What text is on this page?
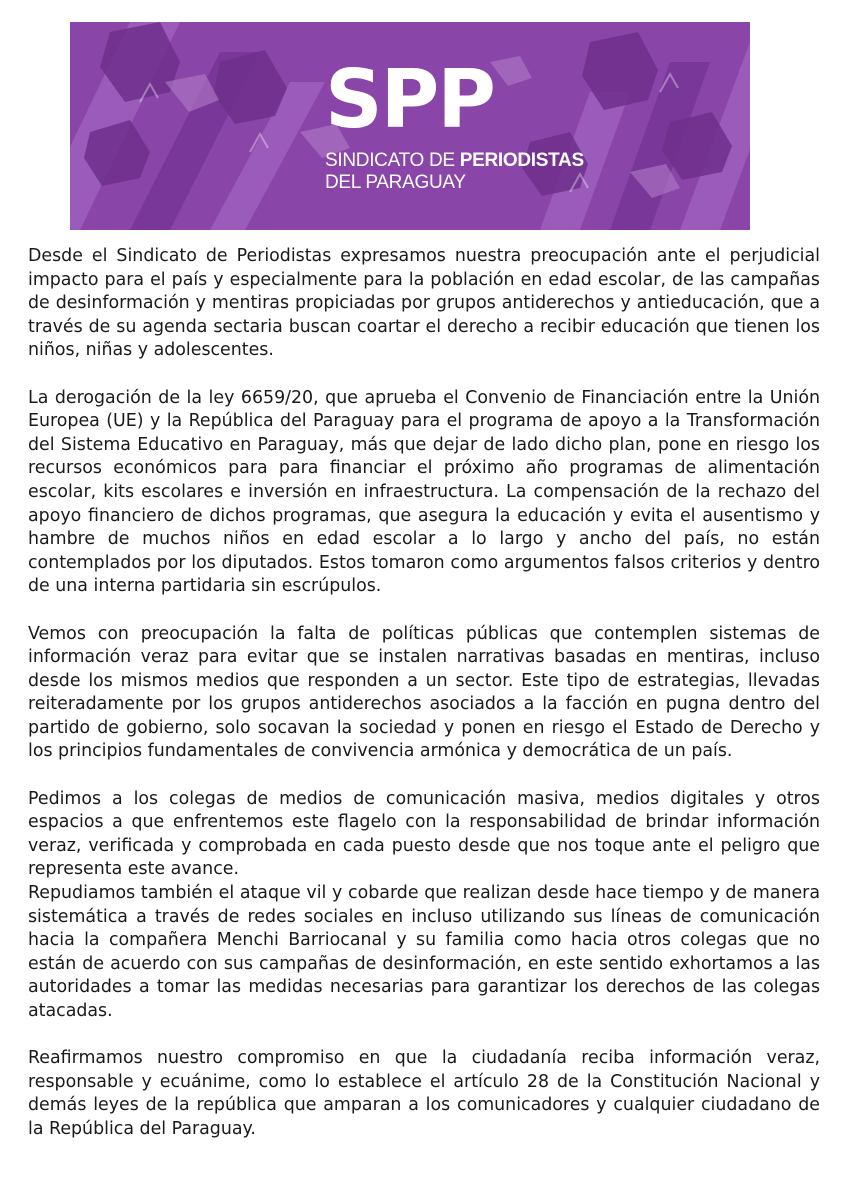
SPP
SINDICATO DE PERIODISTAS
DEL PARAGUAY

Desde el Sindicato de Periodistas expresamos nuestra preocupación ante el perjudicial impacto para el país y especialmente para la población en edad escolar, de las campañas de desinformación y mentiras propiciadas por grupos antiderechos y antieducación, que a través de su agenda sectaria buscan coartar el derecho a recibir educación que tienen los niños, niñas y adolescentes.

La derogación de la ley 6659/20, que aprueba el Convenio de Financiación entre la Unión Europea (UE) y la República del Paraguay para el programa de apoyo a la Transformación del Sistema Educativo en Paraguay, más que dejar de lado dicho plan, pone en riesgo los recursos económicos para para financiar el próximo año programas de alimentación escolar, kits escolares e inversión en infraestructura. La compensación de la rechazo del apoyo financiero de dichos programas, que asegura la educación y evita el ausentismo y hambre de muchos niños en edad escolar a lo largo y ancho del país, no están contemplados por los diputados. Estos tomaron como argumentos falsos criterios y dentro de una interna partidaria sin escrúpulos.

Vemos con preocupación la falta de políticas públicas que contemplen sistemas de información veraz para evitar que se instalen narrativas basadas en mentiras, incluso desde los mismos medios que responden a un sector. Este tipo de estrategias, llevadas reiteradamente por los grupos antiderechos asociados a la facción en pugna dentro del partido de gobierno, solo socavan la sociedad y ponen en riesgo el Estado de Derecho y los principios fundamentales de convivencia armónica y democrática de un país.

Pedimos a los colegas de medios de comunicación masiva, medios digitales y otros espacios a que enfrentemos este flagelo con la responsabilidad de brindar información veraz, verificada y comprobada en cada puesto desde que nos toque ante el peligro que representa este avance.

Repudiamos también el ataque vil y cobarde que realizan desde hace tiempo y de manera sistemática a través de redes sociales en incluso utilizando sus líneas de comunicación hacia la compañera Menchi Barriocanal y su familia como hacia otros colegas que no están de acuerdo con sus campañas de desinformación, en este sentido exhortamos a las autoridades a tomar las medidas necesarias para garantizar los derechos de las colegas atacadas.

Reafirmamos nuestro compromiso en que la ciudadanía reciba información veraz, responsable y ecuánime, como lo establece el artículo 28 de la Constitución Nacional y demás leyes de la república que amparan a los comunicadores y cualquier ciudadano de la República del Paraguay.
